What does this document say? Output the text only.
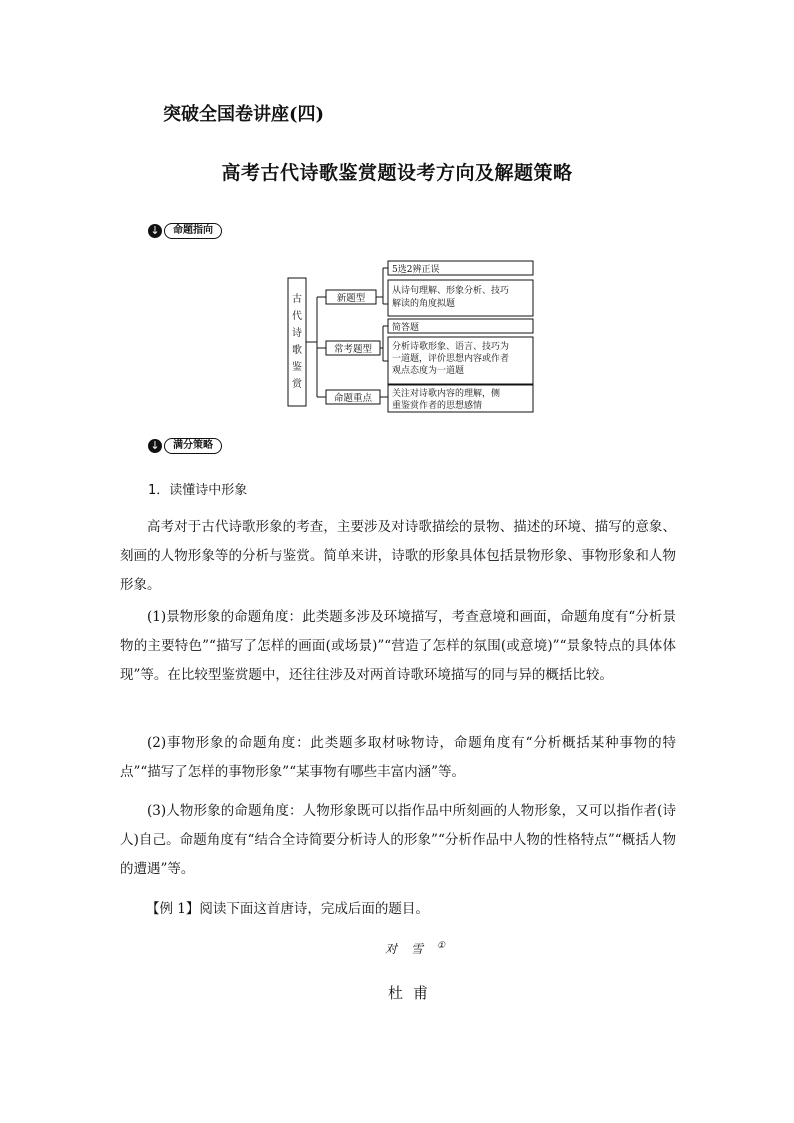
突破全国卷讲座(四)
高考古代诗歌鉴赏题设考方向及解题策略
↓	命题指向
古
代
诗
歌
鉴
赏
新题型
常考题型
命题重点
5选2辨正误
从诗句理解、形象分析、技巧
解读的角度拟题
简答题
分析诗歌形象、语言、技巧为
一道题，评价思想内容或作者
观点态度为一道题
关注对诗歌内容的理解，侧
重鉴赏作者的思想感情
↓	满分策略
1．读懂诗中形象

高考对于古代诗歌形象的考查，主要涉及对诗歌描绘的景物、描述的环境、描写的意象、刻画的人物形象等的分析与鉴赏。简单来讲，诗歌的形象具体包括景物形象、事物形象和人物形象。

(1)景物形象的命题角度：此类题多涉及环境描写，考查意境和画面，命题角度有“分析景物的主要特色”“描写了怎样的画面(或场景)”“营造了怎样的氛围(或意境)”“景象特点的具体体现”等。在比较型鉴赏题中，还往往涉及对两首诗歌环境描写的同与异的概括比较。

(2)事物形象的命题角度：此类题多取材咏物诗，命题角度有“分析概括某种事物的特点”“描写了怎样的事物形象”“某事物有哪些丰富内涵”等。

(3)人物形象的命题角度：人物形象既可以指作品中所刻画的人物形象，又可以指作者(诗人)自己。命题角度有“结合全诗简要分析诗人的形象”“分析作品中人物的性格特点”“概括人物的遭遇”等。

【例 1】阅读下面这首唐诗，完成后面的题目。
对雪①
杜甫
